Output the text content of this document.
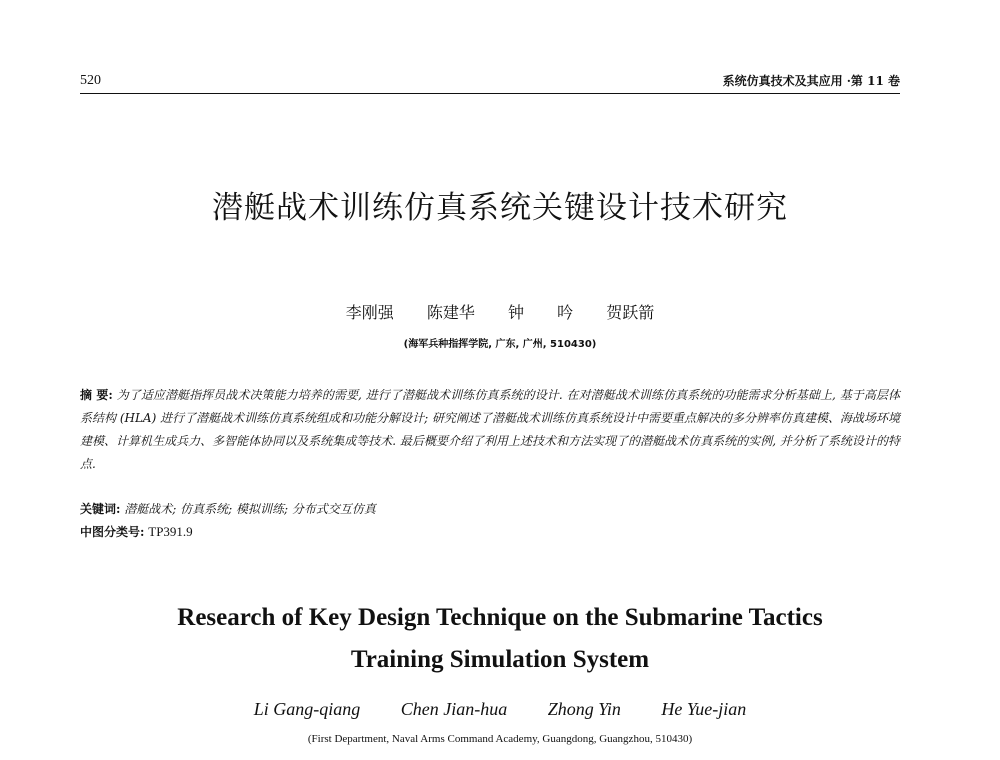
520	系统仿真技术及其应用 ·第 11 卷
潜艇战术训练仿真系统关键设计技术研究
李刚强 陈建华 钟 吟 贺跃箭
(海军兵种指挥学院, 广东, 广州, 510430)
摘 要: 为了适应潜艇指挥员战术决策能力培养的需要, 进行了潜艇战术训练仿真系统的设计. 在对潜艇战术训练仿真系统的功能需求分析基础上, 基于高层体系结构 (HLA) 进行了潜艇战术训练仿真系统组成和功能分解设计; 研究阐述了潜艇战术训练仿真系统设计中需要重点解决的多分辨率仿真建模、海战场环境建模、计算机生成兵力、多智能体协同以及系统集成等技术. 最后概要介绍了利用上述技术和方法实现了的潜艇战术仿真系统的实例, 并分析了系统设计的特点.
关键词: 潜艇战术; 仿真系统; 模拟训练; 分布式交互仿真
中图分类号: TP391.9
Research of Key Design Technique on the Submarine Tactics
Training Simulation System
Li Gang-qiang Chen Jian-hua Zhong Yin He Yue-jian
(First Department, Naval Arms Command Academy, Guangdong, Guangzhou, 510430)
